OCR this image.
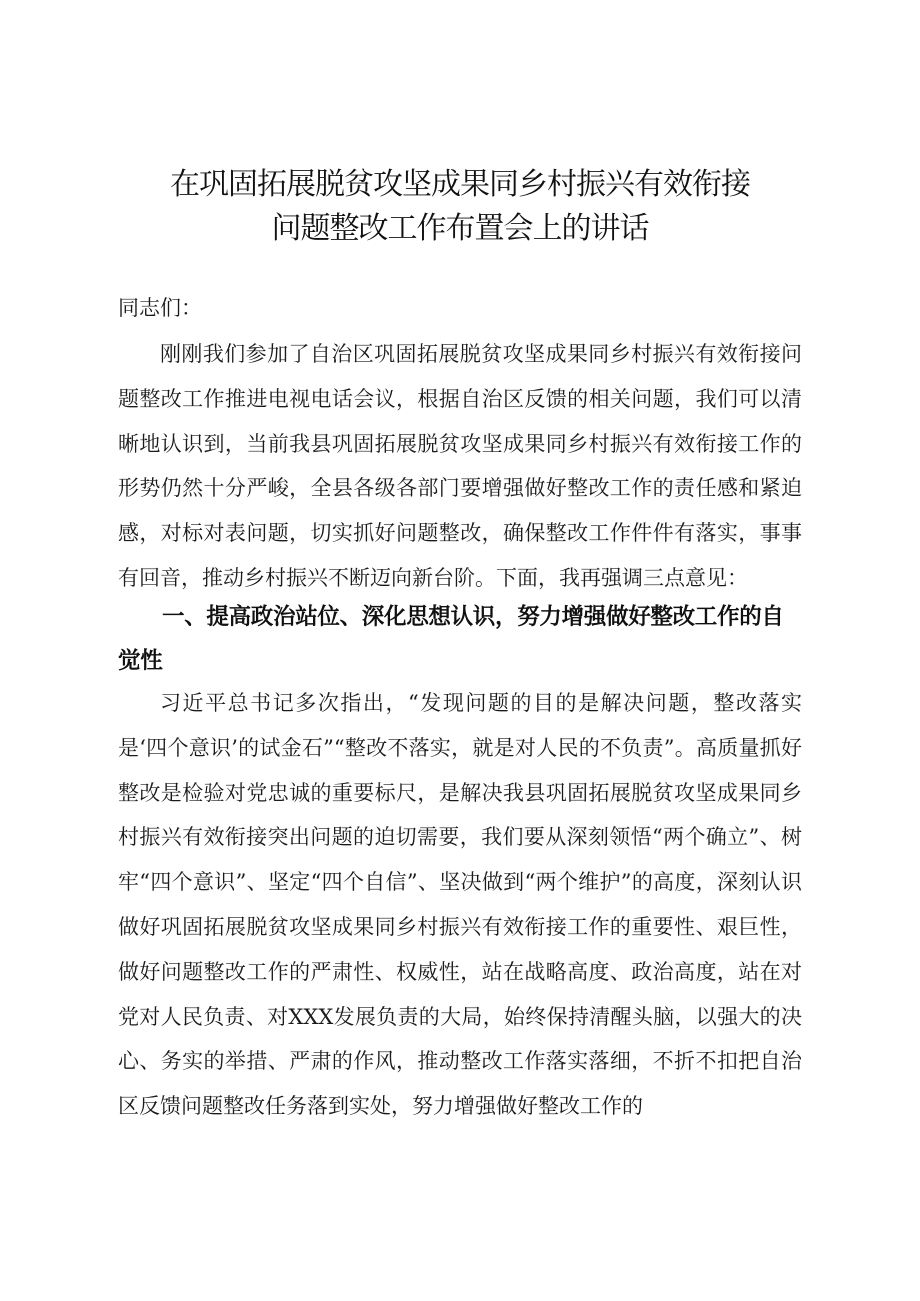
在巩固拓展脱贫攻坚成果同乡村振兴有效衔接
问题整改工作布置会上的讲话
同志们：

刚刚我们参加了自治区巩固拓展脱贫攻坚成果同乡村振兴有效衔接问题整改工作推进电视电话会议，根据自治区反馈的相关问题，我们可以清晰地认识到，当前我县巩固拓展脱贫攻坚成果同乡村振兴有效衔接工作的形势仍然十分严峻，全县各级各部门要增强做好整改工作的责任感和紧迫感，对标对表问题，切实抓好问题整改，确保整改工作件件有落实，事事有回音，推动乡村振兴不断迈向新台阶。下面，我再强调三点意见：

一、提高政治站位、深化思想认识，努力增强做好整改工作的自觉性

习近平总书记多次指出，“发现问题的目的是解决问题，整改落实是‘四个意识’的试金石”“整改不落实，就是对人民的不负责”。高质量抓好整改是检验对党忠诚的重要标尺，是解决我县巩固拓展脱贫攻坚成果同乡村振兴有效衔接突出问题的迫切需要，我们要从深刻领悟“两个确立”、树牢“四个意识”、坚定“四个自信”、坚决做到“两个维护”的高度，深刻认识做好巩固拓展脱贫攻坚成果同乡村振兴有效衔接工作的重要性、艰巨性，做好问题整改工作的严肃性、权威性，站在战略高度、政治高度，站在对党对人民负责、对XXX发展负责的大局，始终保持清醒头脑，以强大的决心、务实的举措、严肃的作风，推动整改工作落实落细，不折不扣把自治区反馈问题整改任务落到实处，努力增强做好整改工作的
